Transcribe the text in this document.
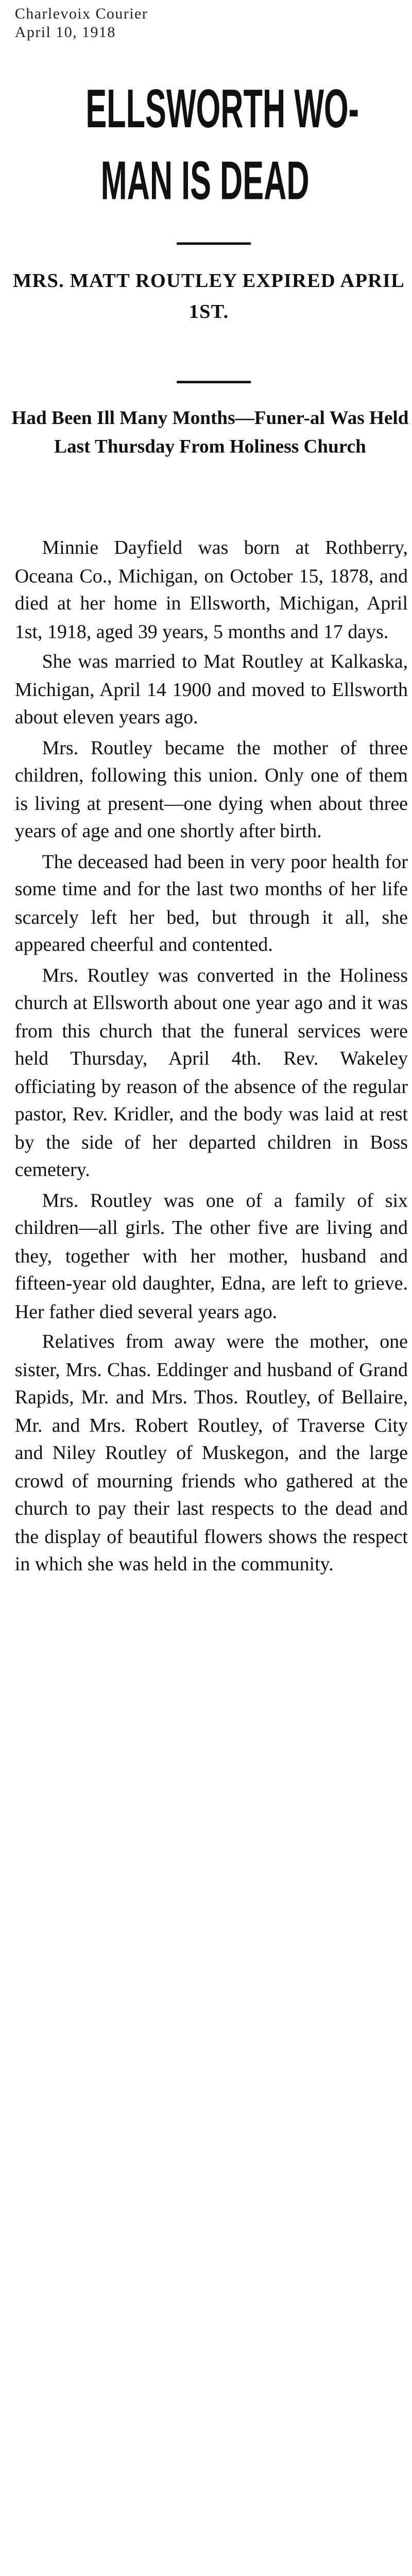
Charlevoix Courier
April 10, 1918
ELLSWORTH WO-
MAN IS DEAD
MRS. MATT ROUTLEY EXPIRED APRIL 1ST.
Had Been Ill Many Months—Funer-al Was Held Last Thursday From Holiness Church

Minnie Dayfield was born at Rothberry, Oceana Co., Michigan, on October 15, 1878, and died at her home in Ellsworth, Michigan, April 1st, 1918, aged 39 years, 5 months and 17 days.

She was married to Mat Routley at Kalkaska, Michigan, April 14 1900 and moved to Ellsworth about eleven years ago.

Mrs. Routley became the mother of three children, following this union. Only one of them is living at present—one dying when about three years of age and one shortly after birth.

The deceased had been in very poor health for some time and for the last two months of her life scarcely left her bed, but through it all, she appeared cheerful and contented.

Mrs. Routley was converted in the Holiness church at Ellsworth about one year ago and it was from this church that the funeral services were held Thursday, April 4th. Rev. Wakeley officiating by reason of the absence of the regular pastor, Rev. Kridler, and the body was laid at rest by the side of her departed children in Boss cemetery.

Mrs. Routley was one of a family of six children—all girls. The other five are living and they, together with her mother, husband and fifteen-year old daughter, Edna, are left to grieve. Her father died several years ago.

Relatives from away were the mother, one sister, Mrs. Chas. Eddinger and husband of Grand Rapids, Mr. and Mrs. Thos. Routley, of Bellaire, Mr. and Mrs. Robert Routley, of Traverse City and Niley Routley of Muskegon, and the large crowd of mourning friends who gathered at the church to pay their last respects to the dead and the display of beautiful flowers shows the respect in which she was held in the community.
